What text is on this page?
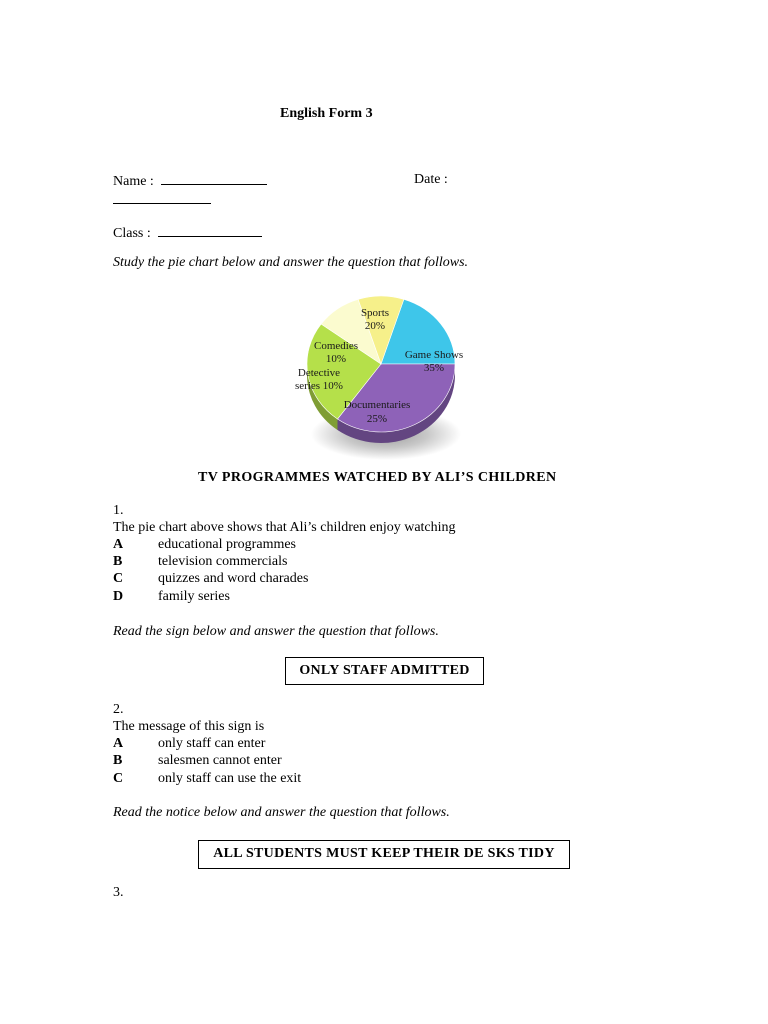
English Form 3
Name :	Date :
Class :
Study the pie chart below and answer the question that follows.
Sports
20%
Game Shows
35%
Comedies
10%
Detective
series 10%
Documentaries
25%
TV PROGRAMMES WATCHED BY ALI’S CHILDREN
1.
The pie chart above shows that Ali’s children enjoy watching
A educational programmes
B	television commercials
C quizzes and word charades
D family series
Read the sign below and answer the question that follows.
ONLY STAFF ADMITTED
2.
The message of this sign is
A only staff can enter
B	salesmen cannot enter
C only staff can use the exit
Read the notice below and answer the question that follows.
ALL STUDENTS MUST KEEP THEIR DE SKS TIDY
3.
